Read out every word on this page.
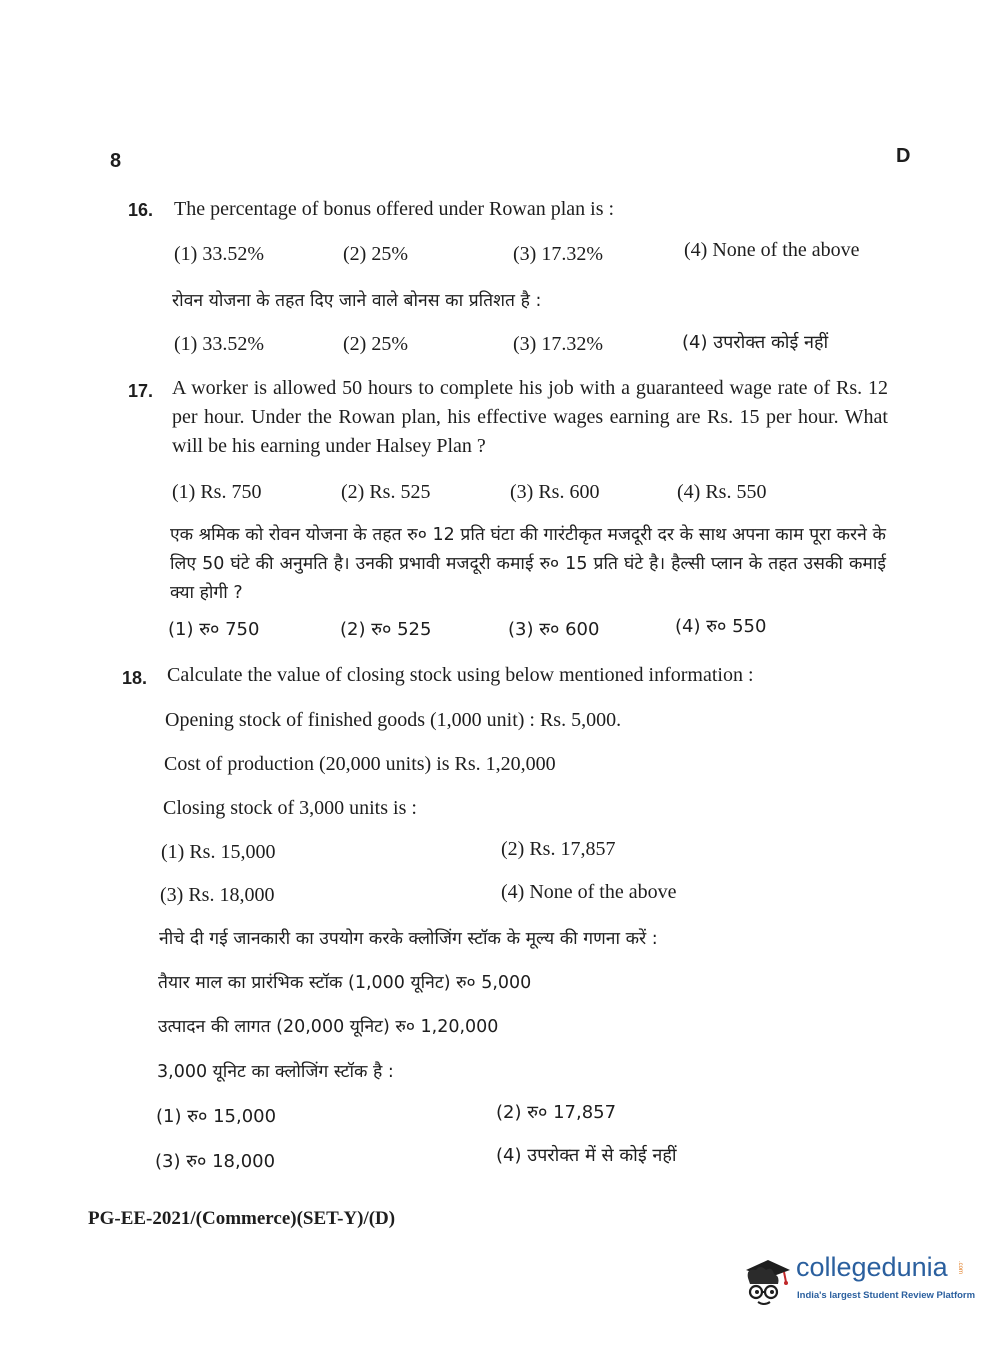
8	D
16. The percentage of bonus offered under Rowan plan is :
(1) 33.52%	(2) 25%	(3) 17.32%	(4) None of the above
रोवन योजना के तहत दिए जाने वाले बोनस का प्रतिशत है :
(1) 33.52%	(2) 25%	(3) 17.32%	(4) उपरोक्त कोई नहीं
17. A worker is allowed 50 hours to complete his job with a guaranteed wage rate of Rs. 12 per hour. Under the Rowan plan, his effective wages earning are Rs. 15 per hour. What will be his earning under Halsey Plan ?
(1) Rs. 750	(2) Rs. 525	(3) Rs. 600	(4) Rs. 550
एक श्रमिक को रोवन योजना के तहत रु० 12 प्रति घंटा की गारंटीकृत मजदूरी दर के साथ अपना काम पूरा करने के लिए 50 घंटे की अनुमति है। उनकी प्रभावी मजदूरी कमाई रु० 15 प्रति घंटे है। हैल्सी प्लान के तहत उसकी कमाई क्या होगी ?
(1) रु० 750	(2) रु० 525	(3) रु० 600	(4) रु० 550
18. Calculate the value of closing stock using below mentioned information :
Opening stock of finished goods (1,000 unit) : Rs. 5,000.
Cost of production (20,000 units) is Rs. 1,20,000
Closing stock of 3,000 units is :
(1) Rs. 15,000	(2) Rs. 17,857
(3) Rs. 18,000	(4) None of the above
नीचे दी गई जानकारी का उपयोग करके क्लोजिंग स्टॉक के मूल्य की गणना करें :
तैयार माल का प्रारंभिक स्टॉक (1,000 यूनिट) रु० 5,000
उत्पादन की लागत (20,000 यूनिट) रु० 1,20,000
3,000 यूनिट का क्लोजिंग स्टॉक है :
(1) रु० 15,000	(2) रु० 17,857
(3) रु० 18,000	(4) उपरोक्त में से कोई नहीं
PG-EE-2021/(Commerce)(SET-Y)/(D)
collegedunia .com
India's largest Student Review Platform
